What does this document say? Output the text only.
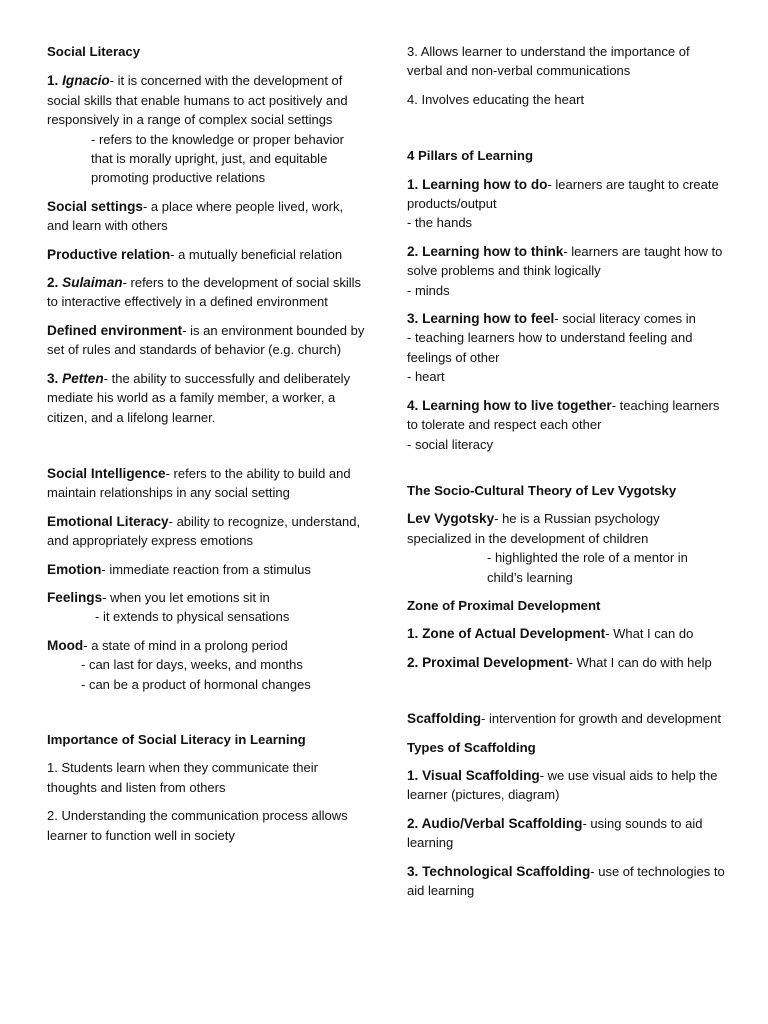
Social Literacy
1. Ignacio- it is concerned with the development of social skills that enable humans to act positively and responsively in a range of complex social settings
- refers to the knowledge or proper behavior that is morally upright, just, and equitable promoting productive relations
Social settings- a place where people lived, work, and learn with others
Productive relation- a mutually beneficial relation
2. Sulaiman- refers to the development of social skills to interactive effectively in a defined environment
Defined environment- is an environment bounded by set of rules and standards of behavior (e.g. church)
3. Petten- the ability to successfully and deliberately mediate his world as a family member, a worker, a citizen, and a lifelong learner.
Social Intelligence- refers to the ability to build and maintain relationships in any social setting
Emotional Literacy- ability to recognize, understand, and appropriately express emotions
Emotion- immediate reaction from a stimulus
Feelings- when you let emotions sit in
- it extends to physical sensations
Mood- a state of mind in a prolong period
- can last for days, weeks, and months
- can be a product of hormonal changes
Importance of Social Literacy in Learning
1. Students learn when they communicate their thoughts and listen from others
2. Understanding the communication process allows learner to function well in society
3. Allows learner to understand the importance of verbal and non-verbal communications
4. Involves educating the heart
4 Pillars of Learning
1. Learning how to do- learners are taught to create products/output
- the hands
2. Learning how to think- learners are taught how to solve problems and think logically
- minds
3. Learning how to feel- social literacy comes in
- teaching learners how to understand feeling and feelings of other
- heart
4. Learning how to live together- teaching learners to tolerate and respect each other
- social literacy
The Socio-Cultural Theory of Lev Vygotsky
Lev Vygotsky- he is a Russian psychology specialized in the development of children
- highlighted the role of a mentor in child’s learning
Zone of Proximal Development
1. Zone of Actual Development- What I can do
2. Proximal Development- What I can do with help
Scaffolding- intervention for growth and development
Types of Scaffolding
1. Visual Scaffolding- we use visual aids to help the learner (pictures, diagram)
2. Audio/Verbal Scaffolding- using sounds to aid learning
3. Technological Scaffolding- use of technologies to aid learning
